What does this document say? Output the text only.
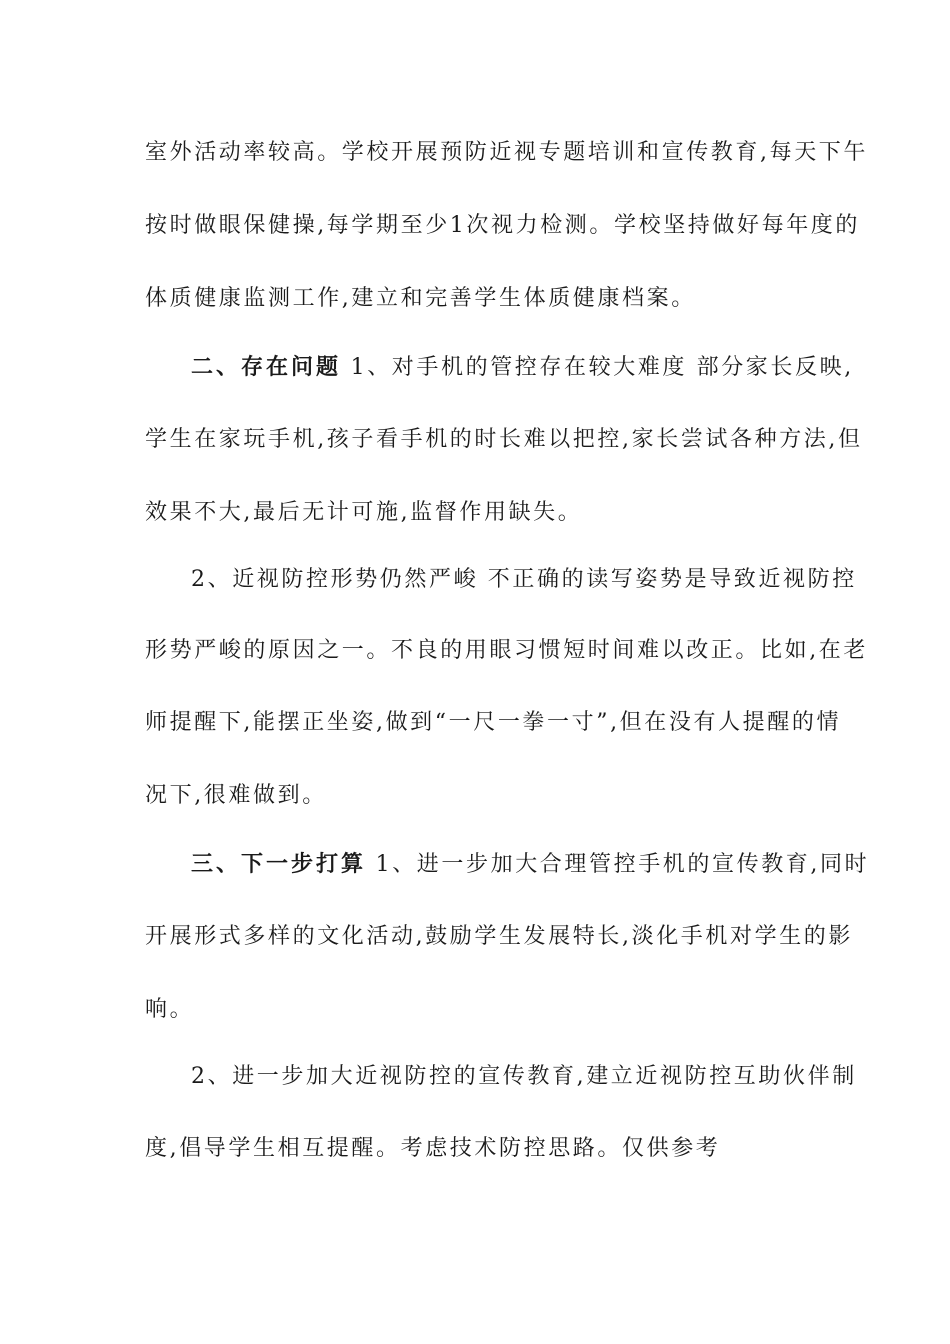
室外活动率较高。学校开展预防近视专题培训和宣传教育,每天下午
按时做眼保健操,每学期至少1次视力检测。学校坚持做好每年度的
体质健康监测工作,建立和完善学生体质健康档案。
二、存在问题 1、对手机的管控存在较大难度 部分家长反映,
学生在家玩手机,孩子看手机的时长难以把控,家长尝试各种方法,但
效果不大,最后无计可施,监督作用缺失。
2、近视防控形势仍然严峻 不正确的读写姿势是导致近视防控
形势严峻的原因之一。不良的用眼习惯短时间难以改正。比如,在老
师提醒下,能摆正坐姿,做到“一尺一拳一寸”,但在没有人提醒的情
况下,很难做到。
三、下一步打算 1、进一步加大合理管控手机的宣传教育,同时
开展形式多样的文化活动,鼓励学生发展特长,淡化手机对学生的影
响。
2、进一步加大近视防控的宣传教育,建立近视防控互助伙伴制
度,倡导学生相互提醒。考虑技术防控思路。仅供参考
